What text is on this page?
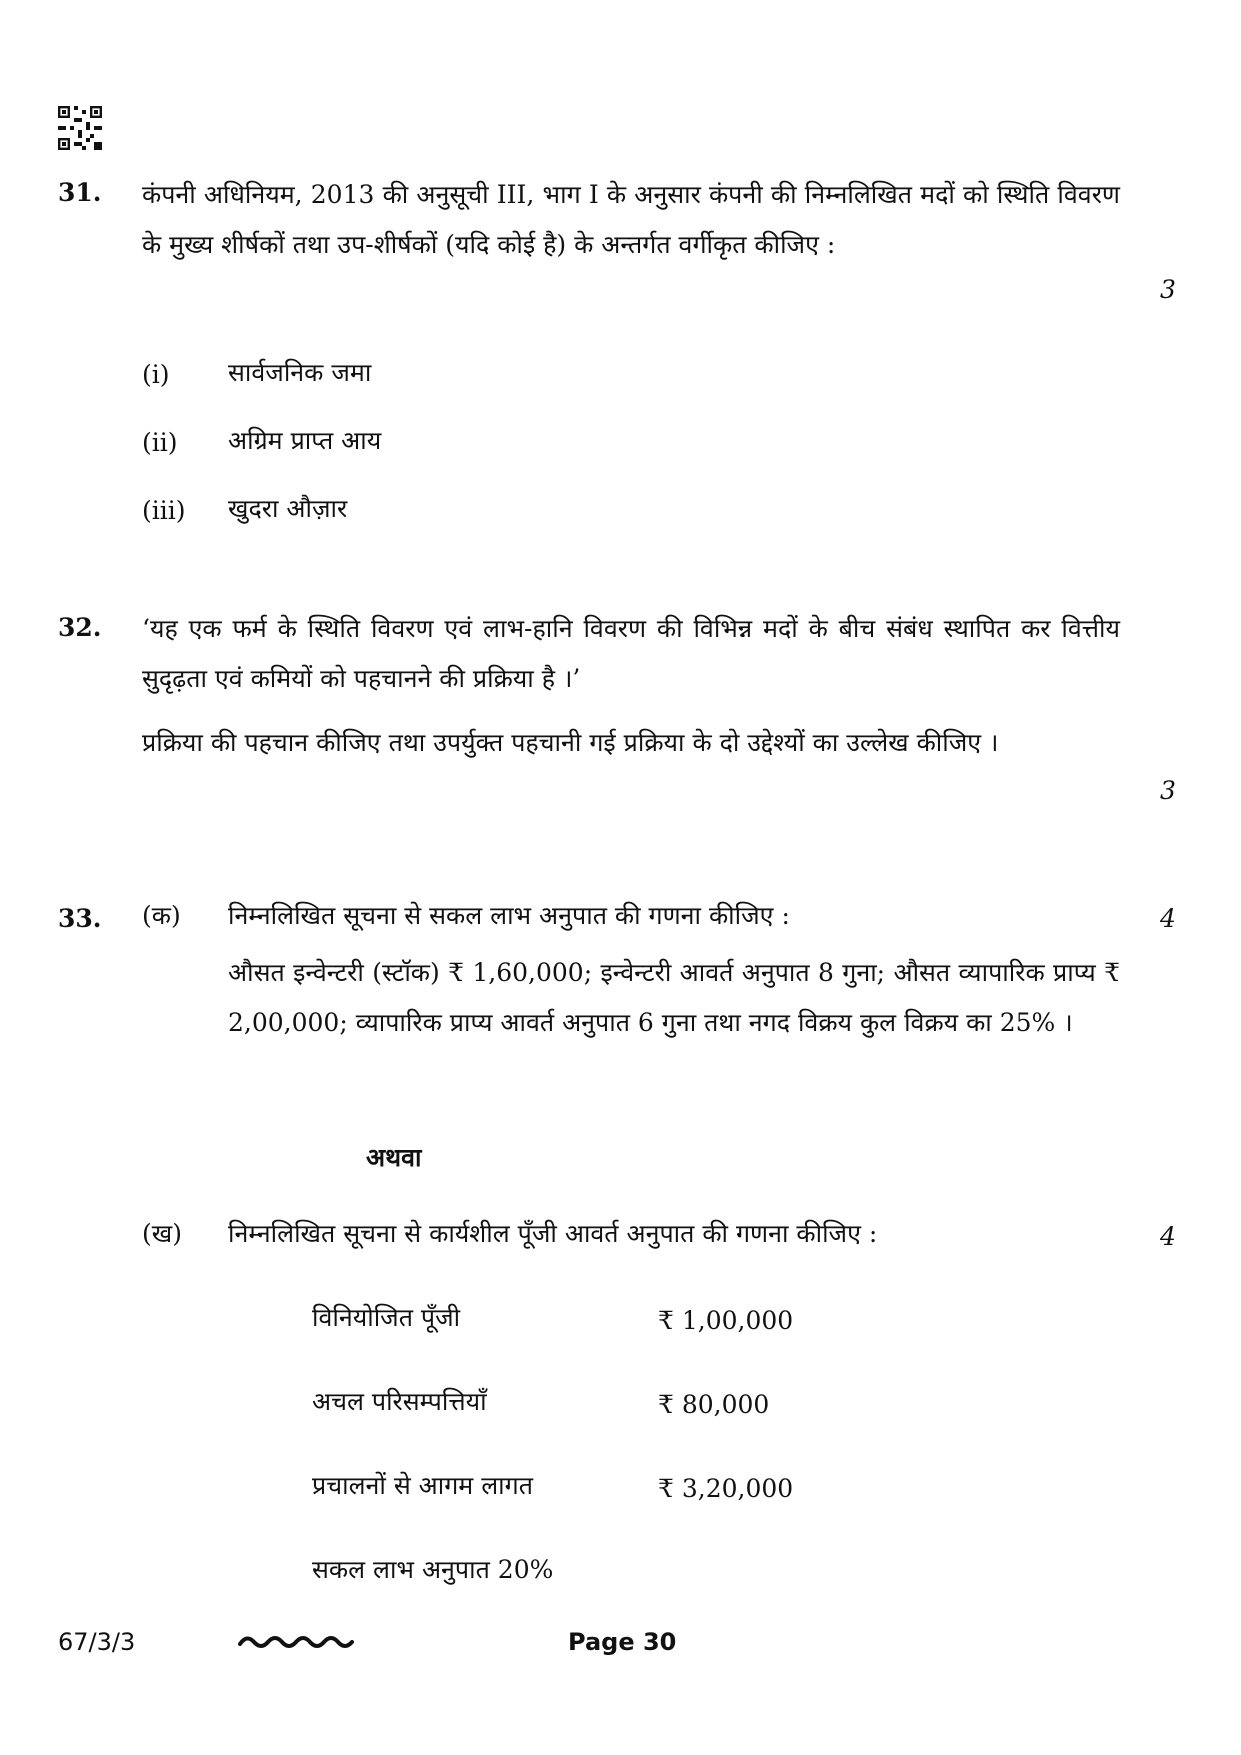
31. कंपनी अधिनियम, 2013 की अनुसूची III, भाग I के अनुसार कंपनी की निम्नलिखित मदों को स्थिति विवरण के मुख्य शीर्षकों तथा उप-शीर्षकों (यदि कोई है) के अन्तर्गत वर्गीकृत कीजिए :
3
(i) सार्वजनिक जमा
(ii) अग्रिम प्राप्त आय
(iii) खुदरा औज़ार
32. ‘यह एक फर्म के स्थिति विवरण एवं लाभ-हानि विवरण की विभिन्न मदों के बीच संबंध स्थापित कर वित्तीय सुदृढ़ता एवं कमियों को पहचानने की प्रक्रिया है ।’
प्रक्रिया की पहचान कीजिए तथा उपर्युक्त पहचानी गई प्रक्रिया के दो उद्देश्यों का उल्लेख कीजिए ।
3
33. (क) निम्नलिखित सूचना से सकल लाभ अनुपात की गणना कीजिए :	4
औसत इन्वेन्टरी (स्टॉक) ₹ 1,60,000; इन्वेन्टरी आवर्त अनुपात 8 गुना; औसत व्यापारिक प्राप्य ₹ 2,00,000; व्यापारिक प्राप्य आवर्त अनुपात 6 गुना तथा नगद विक्रय कुल विक्रय का 25% ।
अथवा
(ख) निम्नलिखित सूचना से कार्यशील पूँजी आवर्त अनुपात की गणना कीजिए :	4
विनियोजित पूँजी	₹ 1,00,000
अचल परिसम्पत्तियाँ	₹ 80,000
प्रचालनों से आगम लागत	₹ 3,20,000
सकल लाभ अनुपात 20%
67/3/3	Page 30
